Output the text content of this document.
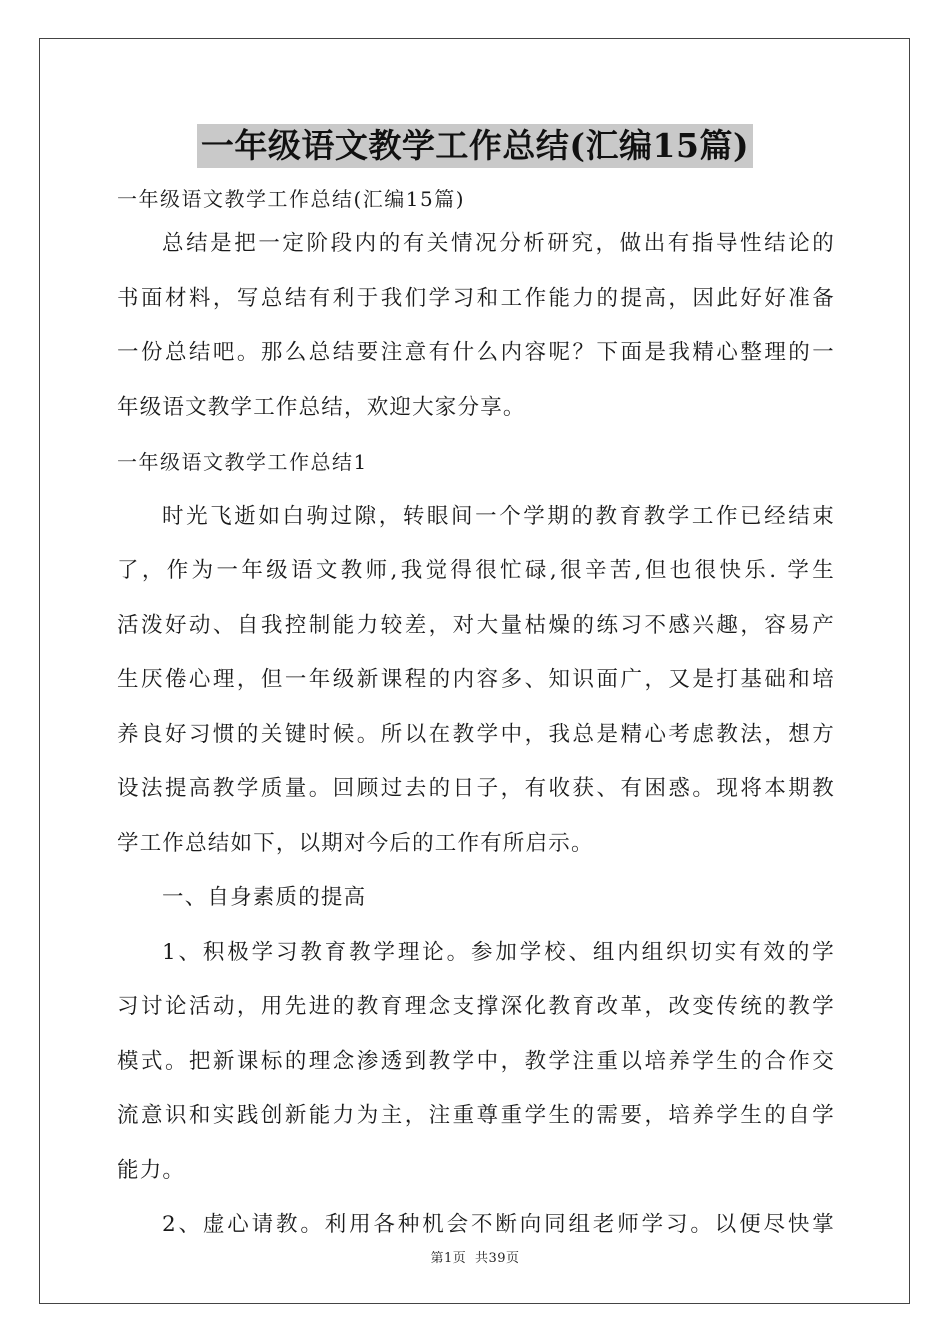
一年级语文教学工作总结(汇编15篇)
一年级语文教学工作总结(汇编15篇)
总结是把一定阶段内的有关情况分析研究，做出有指导性结论的
书面材料，写总结有利于我们学习和工作能力的提高，因此好好准备
一份总结吧。那么总结要注意有什么内容呢？下面是我精心整理的一
年级语文教学工作总结，欢迎大家分享。
一年级语文教学工作总结1
时光飞逝如白驹过隙，转眼间一个学期的教育教学工作已经结束
了，作为一年级语文教师,我觉得很忙碌,很辛苦,但也很快乐. 学生
活泼好动、自我控制能力较差，对大量枯燥的练习不感兴趣，容易产
生厌倦心理，但一年级新课程的内容多、知识面广，又是打基础和培
养良好习惯的关键时候。所以在教学中，我总是精心考虑教法，想方
设法提高教学质量。回顾过去的日子，有收获、有困惑。现将本期教
学工作总结如下，以期对今后的工作有所启示。
一、自身素质的提高
1、积极学习教育教学理论。参加学校、组内组织切实有效的学
习讨论活动，用先进的教育理念支撑深化教育改革，改变传统的教学
模式。把新课标的理念渗透到教学中，教学注重以培养学生的合作交
流意识和实践创新能力为主，注重尊重学生的需要，培养学生的自学
能力。
2、虚心请教。利用各种机会不断向同组老师学习。以便尽快掌
第1页 共39页
